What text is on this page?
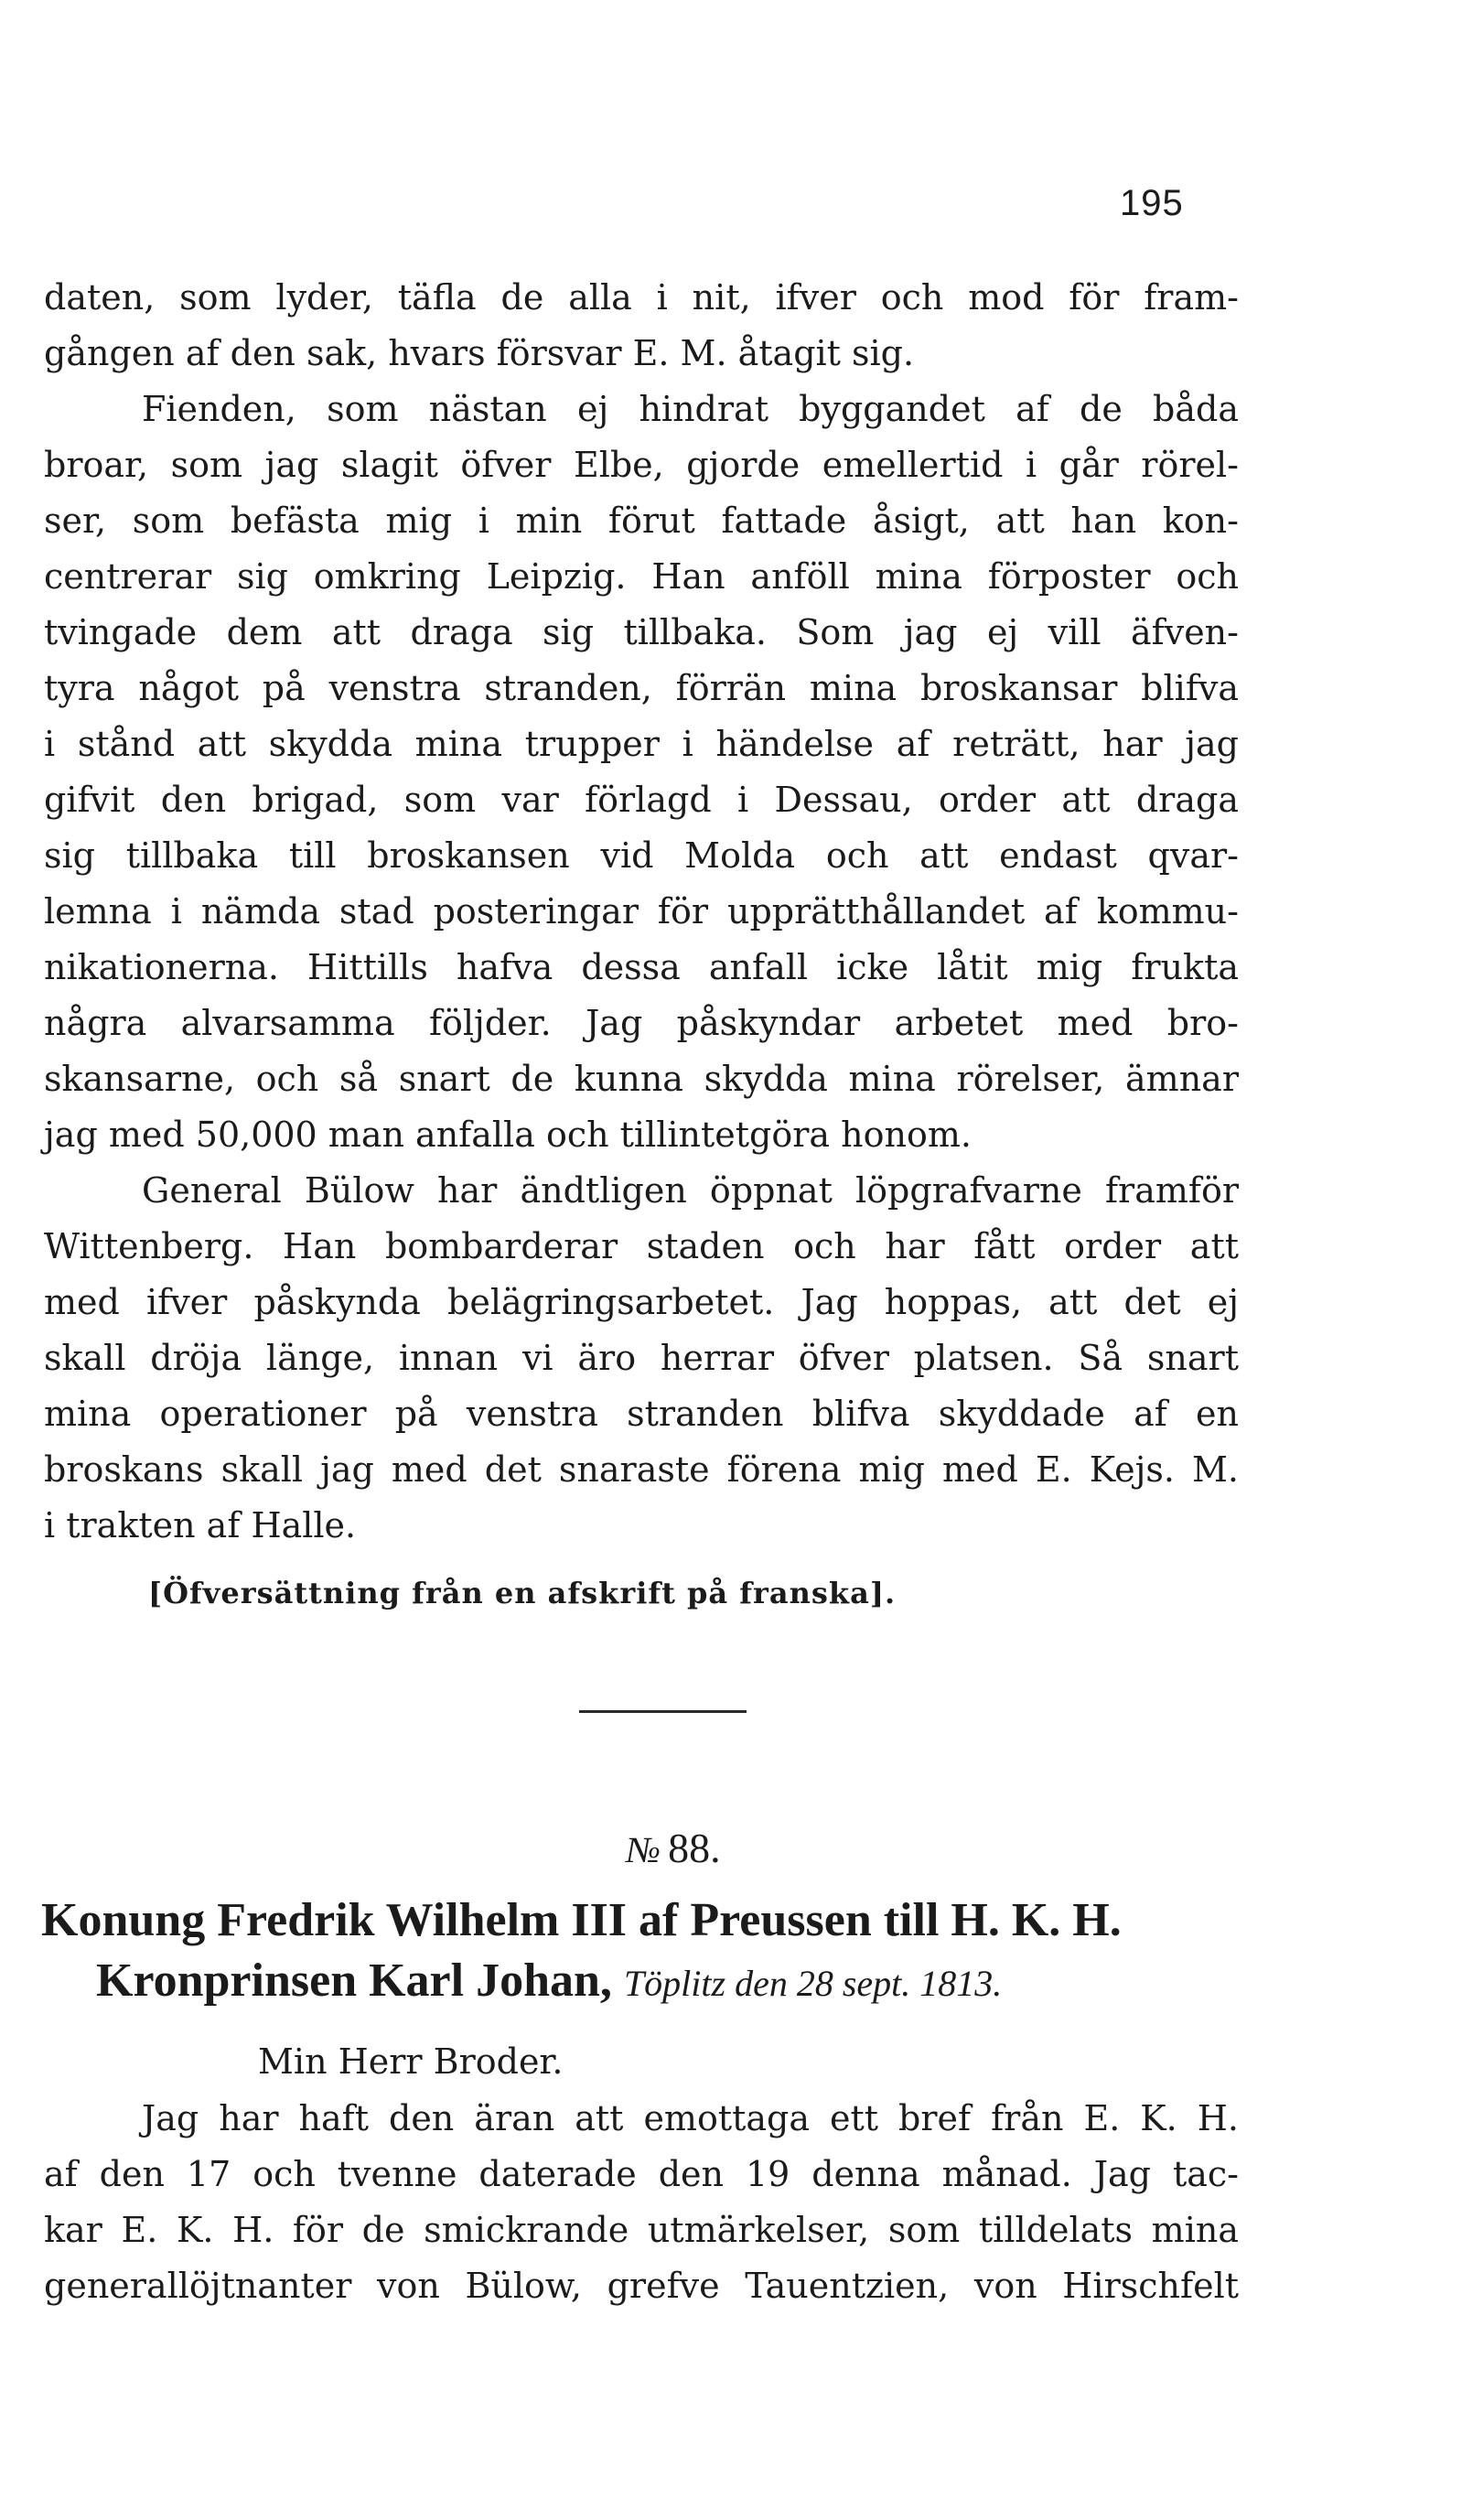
195
daten, som lyder, täfla de alla i nit, ifver och mod för fram-
gången af den sak, hvars försvar E. M. åtagit sig.
Fienden, som nästan ej hindrat byggandet af de båda
broar, som jag slagit öfver Elbe, gjorde emellertid i går rörel-
ser, som befästa mig i min förut fattade åsigt, att han kon-
centrerar sig omkring Leipzig. Han anföll mina förposter och
tvingade dem att draga sig tillbaka. Som jag ej vill äfven-
tyra något på venstra stranden, förrän mina broskansar blifva
i stånd att skydda mina trupper i händelse af reträtt, har jag
gifvit den brigad, som var förlagd i Dessau, order att draga
sig tillbaka till broskansen vid Molda och att endast qvar-
lemna i nämda stad posteringar för upprätthållandet af kommu-
nikationerna. Hittills hafva dessa anfall icke låtit mig frukta
några alvarsamma följder. Jag påskyndar arbetet med bro-
skansarne, och så snart de kunna skydda mina rörelser, ämnar
jag med 50,000 man anfalla och tillintetgöra honom.
General Bülow har ändtligen öppnat löpgrafvarne framför
Wittenberg. Han bombarderar staden och har fått order att
med ifver påskynda belägringsarbetet. Jag hoppas, att det ej
skall dröja länge, innan vi äro herrar öfver platsen. Så snart
mina operationer på venstra stranden blifva skyddade af en
broskans skall jag med det snaraste förena mig med E. Kejs. M.
i trakten af Halle.
[Öfversättning från en afskrift på franska].
№ 88.
Konung Fredrik Wilhelm III af Preussen till H. K. H.
Kronprinsen Karl Johan, Töplitz den 28 sept. 1813.
Min Herr Broder.
Jag har haft den äran att emottaga ett bref från E. K. H.
af den 17 och tvenne daterade den 19 denna månad. Jag tac-
kar E. K. H. för de smickrande utmärkelser, som tilldelats mina
generallöjtnanter von Bülow, grefve Tauentzien, von Hirschfelt
